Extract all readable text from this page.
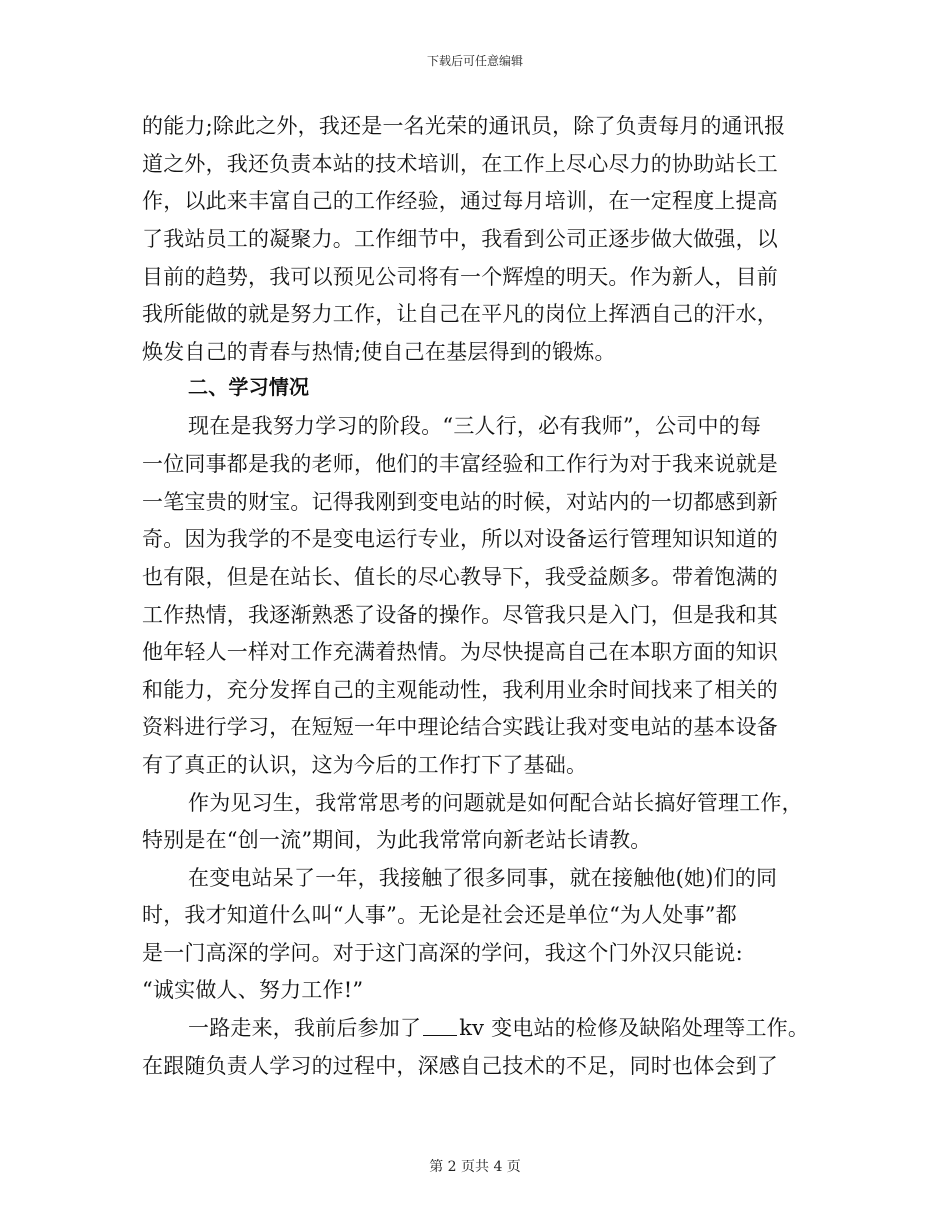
下载后可任意编辑
的能力;除此之外，我还是一名光荣的通讯员，除了负责每月的通讯报
道之外，我还负责本站的技术培训，在工作上尽心尽力的协助站长工
作，以此来丰富自己的工作经验，通过每月培训，在一定程度上提高
了我站员工的凝聚力。工作细节中，我看到公司正逐步做大做强，以
目前的趋势，我可以预见公司将有一个辉煌的明天。作为新人，目前
我所能做的就是努力工作，让自己在平凡的岗位上挥洒自己的汗水，
焕发自己的青春与热情;使自己在基层得到的锻炼。
二、学习情况
现在是我努力学习的阶段。“三人行，必有我师”，公司中的每
一位同事都是我的老师，他们的丰富经验和工作行为对于我来说就是
一笔宝贵的财宝。记得我刚到变电站的时候，对站内的一切都感到新
奇。因为我学的不是变电运行专业，所以对设备运行管理知识知道的
也有限，但是在站长、值长的尽心教导下，我受益颇多。带着饱满的
工作热情，我逐渐熟悉了设备的操作。尽管我只是入门，但是我和其
他年轻人一样对工作充满着热情。为尽快提高自己在本职方面的知识
和能力，充分发挥自己的主观能动性，我利用业余时间找来了相关的
资料进行学习，在短短一年中理论结合实践让我对变电站的基本设备
有了真正的认识，这为今后的工作打下了基础。
作为见习生，我常常思考的问题就是如何配合站长搞好管理工作，
特别是在“创一流”期间，为此我常常向新老站长请教。
在变电站呆了一年，我接触了很多同事，就在接触他(她)们的同
时，我才知道什么叫“人事”。无论是社会还是单位“为人处事”都
是一门高深的学问。对于这门高深的学问，我这个门外汉只能说:
“诚实做人、努力工作!”
一路走来，我前后参加了 kv 变电站的检修及缺陷处理等工作。
在跟随负责人学习的过程中，深感自己技术的不足，同时也体会到了
第 2 页共 4 页
